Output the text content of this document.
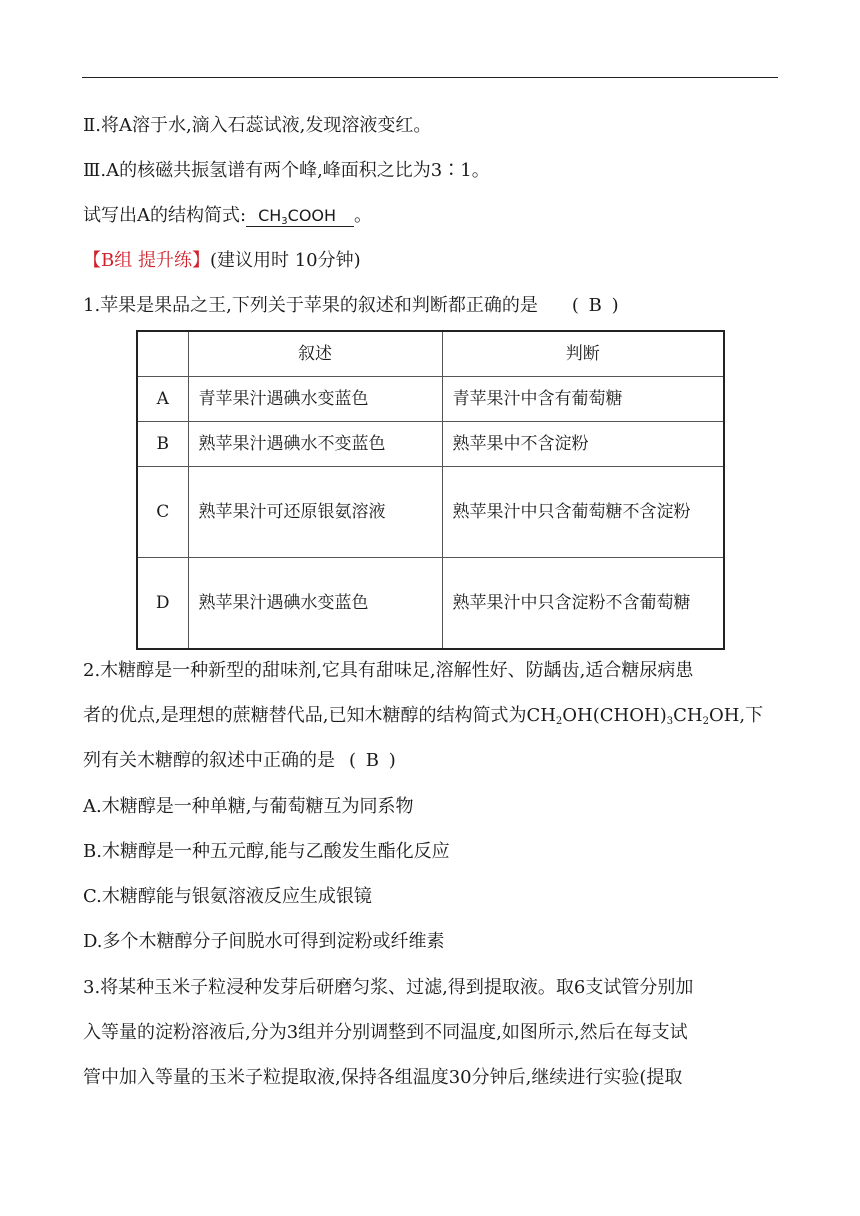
Ⅱ.将A溶于水,滴入石蕊试液,发现溶液变红。
Ⅲ.A的核磁共振氢谱有两个峰,峰面积之比为3∶1。
试写出A的结构简式: $CH_3COOH$ 。
【B组 提升练】(建议用时 10分钟)
1.苹果是果品之王,下列关于苹果的叙述和判断都正确的是 ( B )
	叙述	判断
A	青苹果汁遇碘水变蓝色	青苹果汁中含有葡萄糖
B	熟苹果汁遇碘水不变蓝色	熟苹果中不含淀粉
C	熟苹果汁可还原银氨溶液	熟苹果汁中只含葡萄糖不含淀粉
D	熟苹果汁遇碘水变蓝色	熟苹果汁中只含淀粉不含葡萄糖
2.木糖醇是一种新型的甜味剂,它具有甜味足,溶解性好、防龋齿,适合糖尿病患
者的优点,是理想的蔗糖替代品,已知木糖醇的结构简式为$CH_2OH(CHOH)_3CH_2OH$,下
列有关木糖醇的叙述中正确的是 ( B )
A.木糖醇是一种单糖,与葡萄糖互为同系物
B.木糖醇是一种五元醇,能与乙酸发生酯化反应
C.木糖醇能与银氨溶液反应生成银镜
D.多个木糖醇分子间脱水可得到淀粉或纤维素
3.将某种玉米子粒浸种发芽后研磨匀浆、过滤,得到提取液。取6支试管分别加
入等量的淀粉溶液后,分为3组并分别调整到不同温度,如图所示,然后在每支试
管中加入等量的玉米子粒提取液,保持各组温度30分钟后,继续进行实验(提取
